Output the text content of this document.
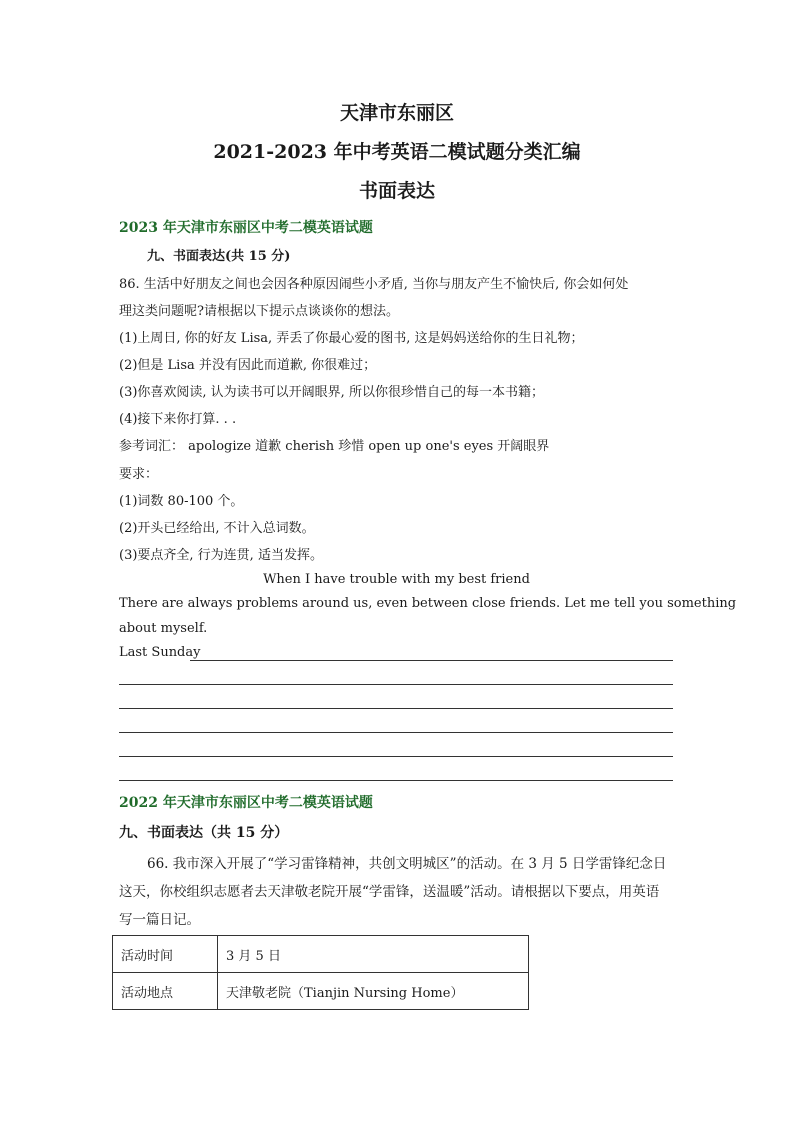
天津市东丽区
2021-2023 年中考英语二模试题分类汇编
书面表达
2023 年天津市东丽区中考二模英语试题
九、书面表达(共 15 分)
86. 生活中好朋友之间也会因各种原因闹些小矛盾, 当你与朋友产生不愉快后, 你会如何处
理这类问题呢?请根据以下提示点谈谈你的想法。
(1)上周日, 你的好友 Lisa, 弄丢了你最心爱的图书, 这是妈妈送给你的生日礼物；
(2)但是 Lisa 并没有因此而道歉, 你很难过；
(3)你喜欢阅读, 认为读书可以开阔眼界, 所以你很珍惜自己的每一本书籍；
(4)接下来你打算. . .
参考词汇： apologize 道歉 cherish 珍惜 open up one's eyes 开阔眼界
要求：
(1)词数 80-100 个。
(2)开头已经给出, 不计入总词数。
(3)要点齐全, 行为连贯, 适当发挥。
When I have trouble with my best friend
There are always problems around us, even between close friends. Let me tell you something
about myself.
Last Sunday
2022 年天津市东丽区中考二模英语试题
九、书面表达（共 15 分）
66. 我市深入开展了“学习雷锋精神，共创文明城区”的活动。在 3 月 5 日学雷锋纪念日
这天，你校组织志愿者去天津敬老院开展“学雷锋，送温暖”活动。请根据以下要点，用英语
写一篇日记。
活动时间	3 月 5 日
活动地点	天津敬老院（Tianjin Nursing Home）
